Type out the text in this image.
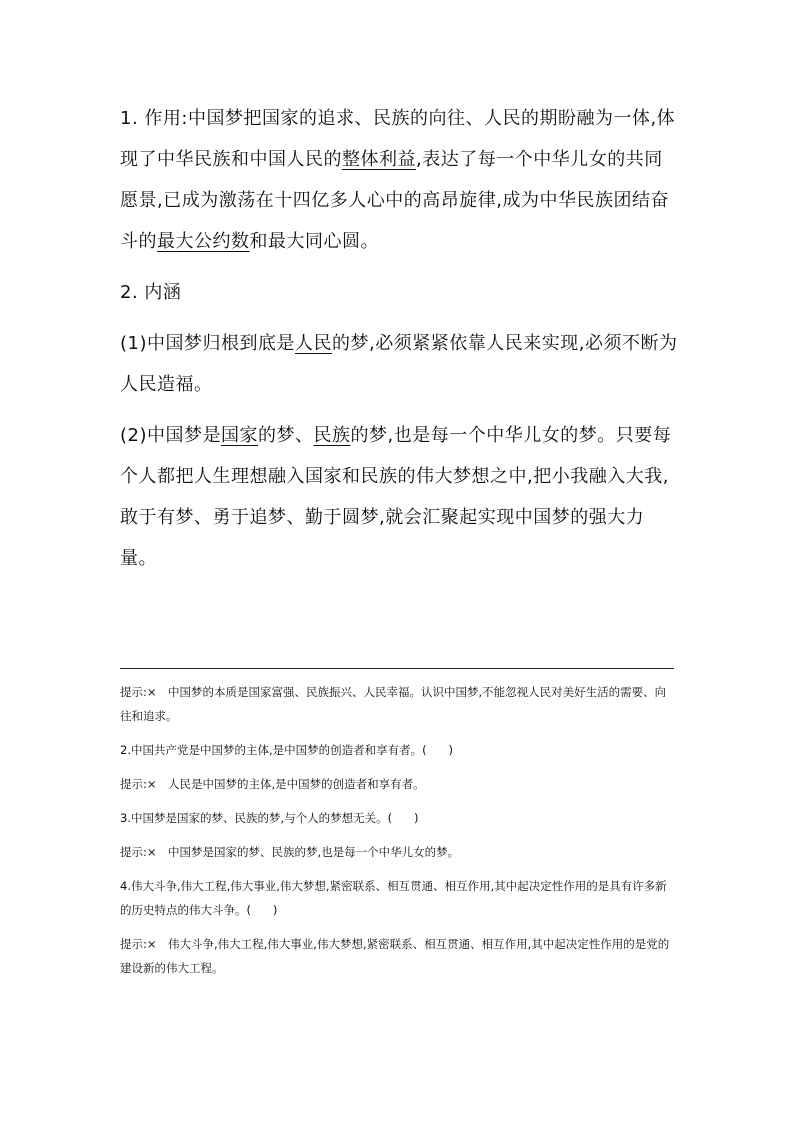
1. 作用:中国梦把国家的追求、民族的向往、人民的期盼融为一体,体现了中华民族和中国人民的整体利益,表达了每一个中华儿女的共同愿景,已成为激荡在十四亿多人心中的高昂旋律,成为中华民族团结奋斗的最大公约数和最大同心圆。

2. 内涵

(1)中国梦归根到底是人民的梦,必须紧紧依靠人民来实现,必须不断为人民造福。

(2)中国梦是国家的梦、民族的梦,也是每一个中华儿女的梦。只要每个人都把人生理想融入国家和民族的伟大梦想之中,把小我融入大我,敢于有梦、勇于追梦、勤于圆梦,就会汇聚起实现中国梦的强大力量。

提示:× 中国梦的本质是国家富强、民族振兴、人民幸福。认识中国梦,不能忽视人民对美好生活的需要、向往和追求。

2.中国共产党是中国梦的主体,是中国梦的创造者和享有者。(      )

提示:× 人民是中国梦的主体,是中国梦的创造者和享有者。

3.中国梦是国家的梦、民族的梦,与个人的梦想无关。(      )

提示:× 中国梦是国家的梦、民族的梦,也是每一个中华儿女的梦。

4.伟大斗争,伟大工程,伟大事业,伟大梦想,紧密联系、相互贯通、相互作用,其中起决定性作用的是具有许多新的历史特点的伟大斗争。(      )

提示:× 伟大斗争,伟大工程,伟大事业,伟大梦想,紧密联系、相互贯通、相互作用,其中起决定性作用的是党的建设新的伟大工程。
